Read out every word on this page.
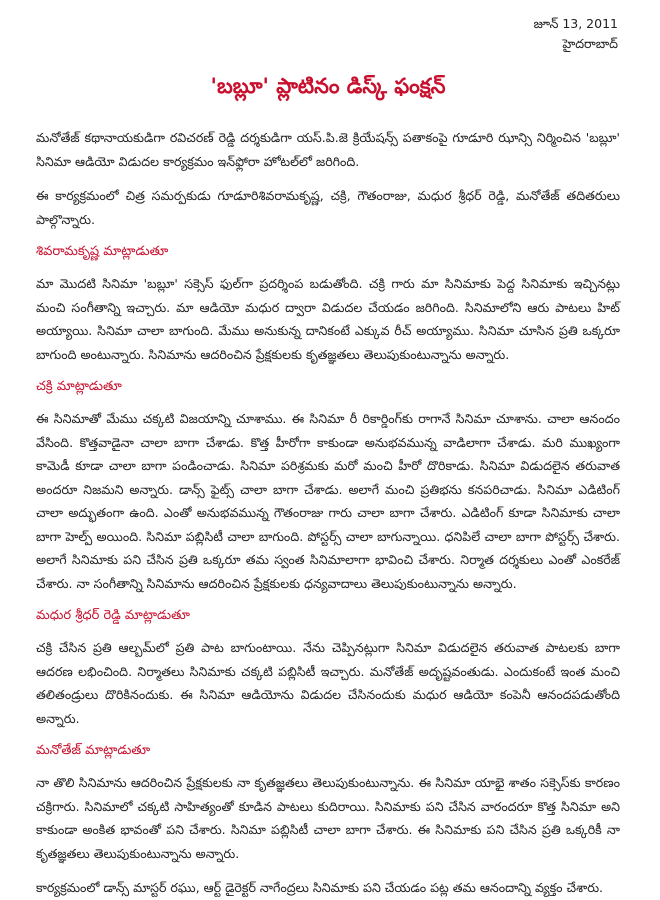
జూన్ 13, 2011
హైదరాబాద్
'బబ్లూ' ప్లాటినం డిస్క్ ఫంక్షన్

మనోతేజ్ కథానాయకుడిగా రవిచరణ్ రెడ్డి దర్శకుడిగా యస్.పి.జె క్రియేషన్స్ పతాకంపై గూడూరి ఝాన్సి నిర్మించిన 'బబ్లూ' సినిమా ఆడియో విడుదల కార్యక్రమం ఇన్‌ఫ్లోరా హోటల్‌లో జరిగింది.

ఈ కార్యక్రమంలో చిత్ర సమర్పకుడు గూడూరిశివరామకృష్ణ, చక్రి, గౌతంరాజు, మధుర శ్రీధర్ రెడ్డి, మనోతేజ్ తదితరులు పాల్గొన్నారు.

శివరామకృష్ణ మాట్లాడుతూ

మా మొదటి సినిమా 'బబ్లూ' సక్సెస్ ఫుల్‌గా ప్రదర్శింప బడుతోంది. చక్రి గారు మా సినిమాకు పెద్ద సినిమాకు ఇచ్చినట్లు మంచి సంగీతాన్ని ఇచ్చారు. మా ఆడియో మధుర ద్వారా విడుదల చేయడం జరిగింది. సినిమాలోని ఆరు పాటలు హిట్ అయ్యాయి. సినిమా చాలా బాగుంది. మేము అనుకున్న దానికంటే ఎక్కువ రీచ్ అయ్యాము. సినిమా చూసిన ప్రతి ఒక్కరూ బాగుంది అంటున్నారు. సినిమాను ఆదరించిన ప్రేక్షకులకు కృతజ్ఞతలు తెలుపుకుంటున్నాను అన్నారు.

చక్రి మాట్లాడుతూ

ఈ సినిమాతో మేము చక్కటి విజయాన్ని చూశాము. ఈ సినిమా రీ రికార్డింగ్‌కు రాగానే సినిమా చూశాను. చాలా ఆనందం వేసింది. కొత్తవాడైనా చాలా బాగా చేశాడు. కొత్త హీరోగా కాకుండా అనుభవమున్న వాడిలాగా చేశాడు. మరి ముఖ్యంగా కామెడీ కూడా చాలా బాగా పండించాడు. సినిమా పరిశ్రమకు మరో మంచి హీరో దొరికాడు. సినిమా విడుదలైన తరువాత అందరూ నిజమని అన్నారు. డాన్స్ ఫైట్స్ చాలా బాగా చేశాడు. అలాగే మంచి ప్రతిభను కనపరిచాడు. సినిమా ఎడిటింగ్ చాలా అద్భుతంగా ఉంది. ఎంతో అనుభవమున్న గౌతంరాజు గారు చాలా బాగా చేశారు. ఎడిటింగ్ కూడా సినిమాకు చాలా బాగా హెల్ప్ అయింది. సినిమా పబ్లిసిటీ చాలా బాగుంది. పోస్టర్స్ చాలా బాగున్నాయి. ధనిపిలే చాలా బాగా పోస్టర్స్ చేశారు. అలాగే సినిమాకు పని చేసిన ప్రతి ఒక్కరూ తమ స్వంత సినిమాలాగా భావించి చేశారు. నిర్మాత దర్శకులు ఎంతో ఎంకరేజ్ చేశారు. నా సంగీతాన్ని సినిమాను ఆదరించిన ప్రేక్షకులకు ధన్యవాదాలు తెలుపుకుంటున్నాను అన్నారు.

మధుర శ్రీధర్ రెడ్డి మాట్లాడుతూ

చక్రి చేసిన ప్రతి ఆల్బమ్‌లో ప్రతి పాట బాగుంటాయి. నేను చెప్పినట్లుగా సినిమా విడుదలైన తరువాత పాటలకు బాగా ఆదరణ లభించింది. నిర్మాతలు సినిమాకు చక్కటి పబ్లిసిటీ ఇచ్చారు. మనోతేజ్ అదృష్టవంతుడు. ఎందుకంటే ఇంత మంచి తలితండ్రులు దొరికినందుకు. ఈ సినిమా ఆడియోను విడుదల చేసినందుకు మధుర ఆడియో కంపెనీ ఆనందపడుతోంది అన్నారు.

మనోతేజ్ మాట్లాడుతూ

నా తొలి సినిమాను ఆదరించిన ప్రేక్షకులకు నా కృతజ్ఞతలు తెలుపుకుంటున్నాను. ఈ సినిమా యాభై శాతం సక్సెస్‌కు కారణం చక్రిగారు. సినిమాలో చక్కటి సాహిత్యంతో కూడిన పాటలు కుదిరాయి. సినిమాకు పని చేసిన వారందరూ కొత్త సినిమా అని కాకుండా అంకిత భావంతో పని చేశారు. సినిమా పబ్లిసిటీ చాలా బాగా చేశారు. ఈ సినిమాకు పని చేసిన ప్రతి ఒక్కరికీ నా కృతజ్ఞతలు తెలుపుకుంటున్నాను అన్నారు.

కార్యక్రమంలో డాన్స్ మాస్టర్ రఘు, ఆర్ట్ డైరెక్టర్ నాగేంద్రలు సినిమాకు పని చేయడం పట్ల తమ ఆనందాన్ని వ్యక్తం చేశారు.
